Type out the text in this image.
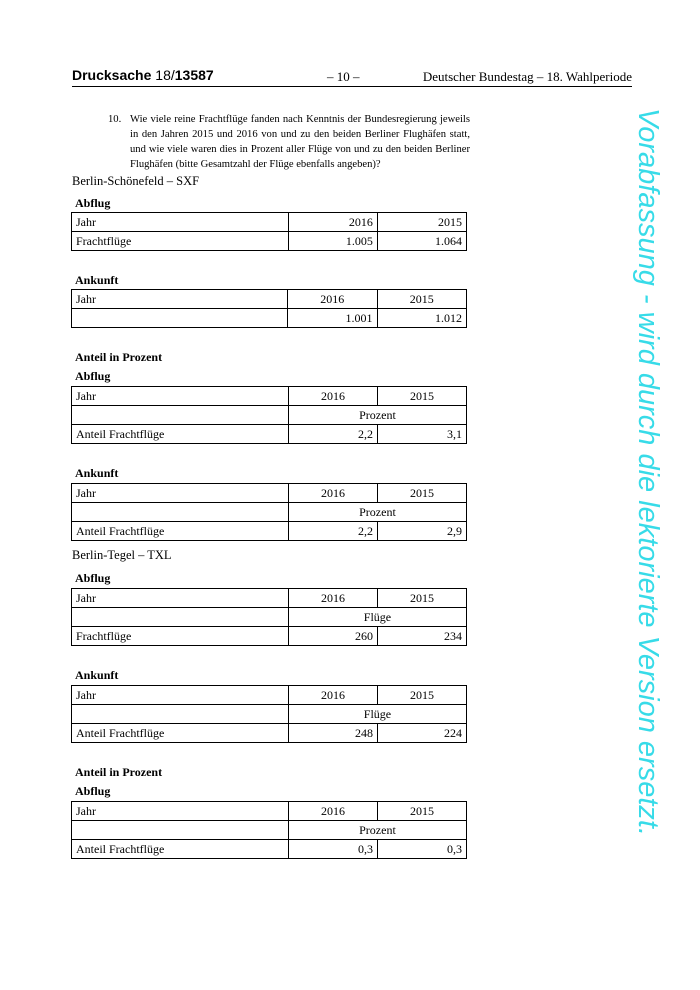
Drucksache 18/13587	– 10 –	Deutscher Bundestag – 18. Wahlperiode
10. Wie viele reine Frachtflüge fanden nach Kenntnis der Bundesregierung jeweils in den Jahren 2015 und 2016 von und zu den beiden Berliner Flughäfen statt, und wie viele waren dies in Prozent aller Flüge von und zu den beiden Berliner Flughäfen (bitte Gesamtzahl der Flüge ebenfalls angeben)?
Berlin-Schönefeld – SXF
Abflug
Jahr	2016	2015
Frachtflüge	1.005	1.064
Ankunft
Jahr	2016	2015
	1.001	1.012
Anteil in Prozent
Abflug
Jahr	2016	2015
	Prozent	
Anteil Frachtflüge	2,2	3,1
Ankunft
Jahr	2016	2015
	Prozent	
Anteil Frachtflüge	2,2	2,9
Berlin-Tegel – TXL
Abflug
Jahr	2016	2015
	Flüge	
Frachtflüge	260	234
Ankunft
Jahr	2016	2015
	Flüge	
Anteil Frachtflüge	248	224
Anteil in Prozent
Abflug
Jahr	2016	2015
	Prozent	
Anteil Frachtflüge	0,3	0,3
Vorabfassung - wird durch die lektorierte Version ersetzt.
